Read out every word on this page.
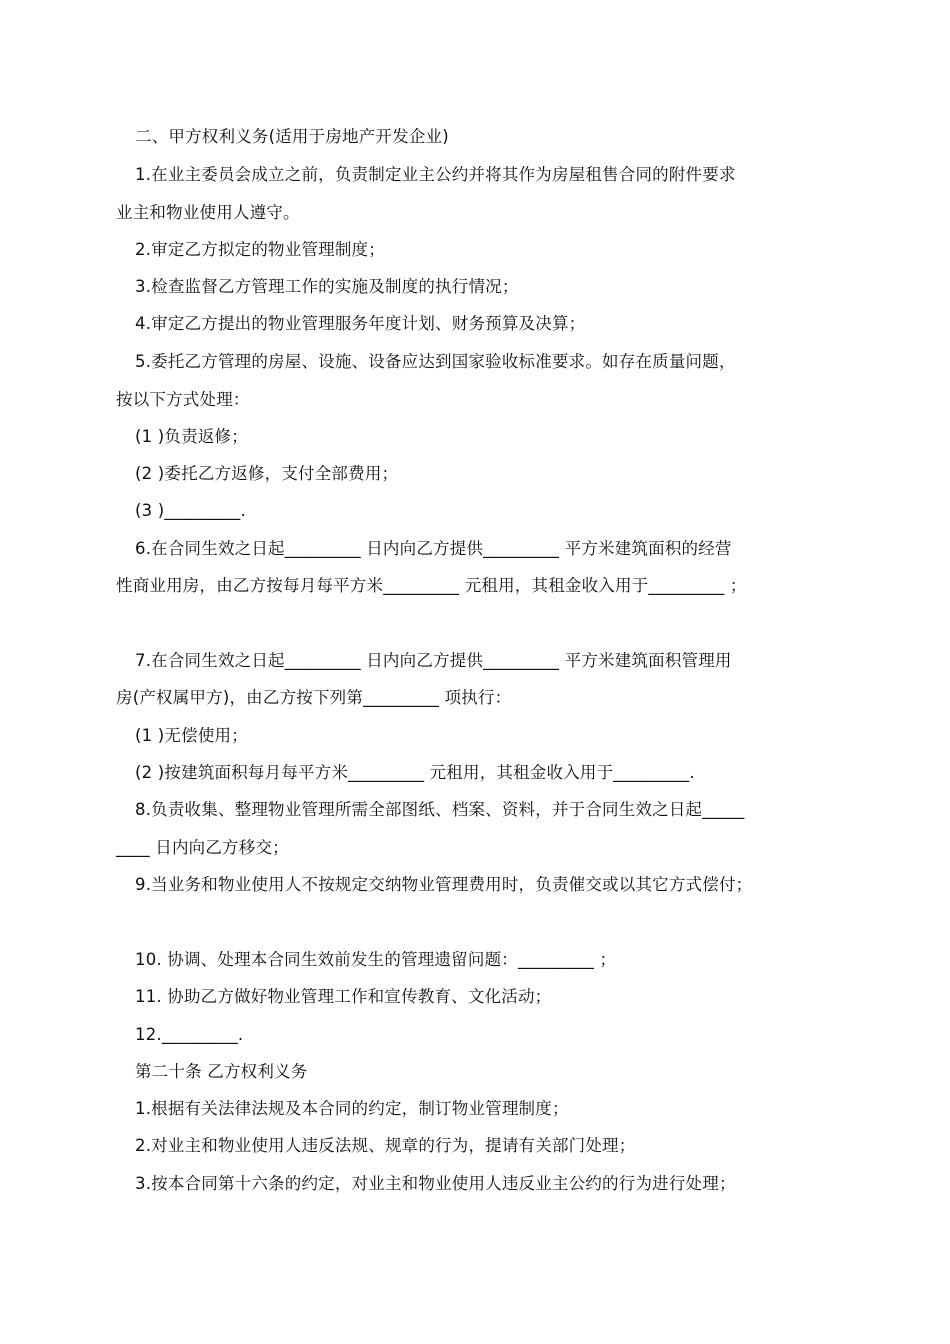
二、甲方权利义务(适用于房地产开发企业)
1.在业主委员会成立之前，负责制定业主公约并将其作为房屋租售合同的附件要求
业主和物业使用人遵守。
2.审定乙方拟定的物业管理制度；
3.检查监督乙方管理工作的实施及制度的执行情况；
4.审定乙方提出的物业管理服务年度计划、财务预算及决算；
5.委托乙方管理的房屋、设施、设备应达到国家验收标准要求。如存在质量问题，
按以下方式处理：
(1 )负责返修；
(2 )委托乙方返修，支付全部费用；
(3 )_________.
6.在合同生效之日起_________ 日内向乙方提供_________ 平方米建筑面积的经营
性商业用房，由乙方按每月每平方米_________ 元租用，其租金收入用于_________ ；
7.在合同生效之日起_________ 日内向乙方提供_________ 平方米建筑面积管理用
房(产权属甲方)，由乙方按下列第_________ 项执行：
(1 )无偿使用；
(2 )按建筑面积每月每平方米_________ 元租用，其租金收入用于_________.
8.负责收集、整理物业管理所需全部图纸、档案、资料，并于合同生效之日起_____
____ 日内向乙方移交；
9.当业务和物业使用人不按规定交纳物业管理费用时，负责催交或以其它方式偿付；
10. 协调、处理本合同生效前发生的管理遗留问题：_________ ；
11. 协助乙方做好物业管理工作和宣传教育、文化活动；
12._________.
第二十条 乙方权利义务
1.根据有关法律法规及本合同的约定，制订物业管理制度；
2.对业主和物业使用人违反法规、规章的行为，提请有关部门处理；
3.按本合同第十六条的约定，对业主和物业使用人违反业主公约的行为进行处理；
